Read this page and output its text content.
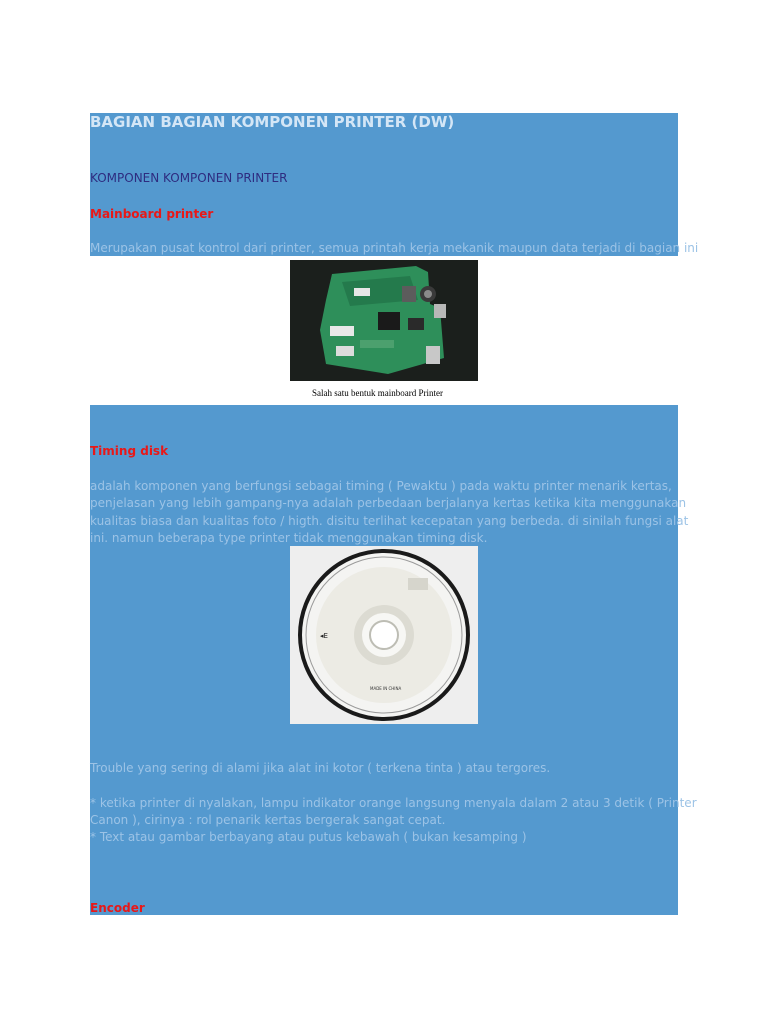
BAGIAN BAGIAN KOMPONEN PRINTER (DW)

KOMPONEN KOMPONEN PRINTER

Mainboard printer

Merupakan pusat kontrol dari printer, semua printah kerja mekanik maupun data terjadi di bagian ini

Salah satu bentuk mainboard Printer

Timing disk

adalah komponen yang berfungsi sebagai timing ( Pewaktu ) pada waktu printer menarik kertas,

penjelasan yang lebih gampang-nya adalah perbedaan berjalanya kertas ketika kita menggunakan

kualitas biasa dan kualitas foto / higth. disitu terlihat kecepatan yang berbeda. di sinilah fungsi alat

ini. namun beberapa type printer tidak menggunakan timing disk.

◂E
MADE IN CHINA

Trouble yang sering di alami jika alat ini kotor ( terkena tinta ) atau tergores.

* ketika printer di nyalakan, lampu indikator orange langsung menyala dalam 2 atau 3 detik ( Printer

Canon ), cirinya : rol penarik kertas bergerak sangat cepat.

* Text atau gambar berbayang atau putus kebawah ( bukan kesamping )

Encoder
